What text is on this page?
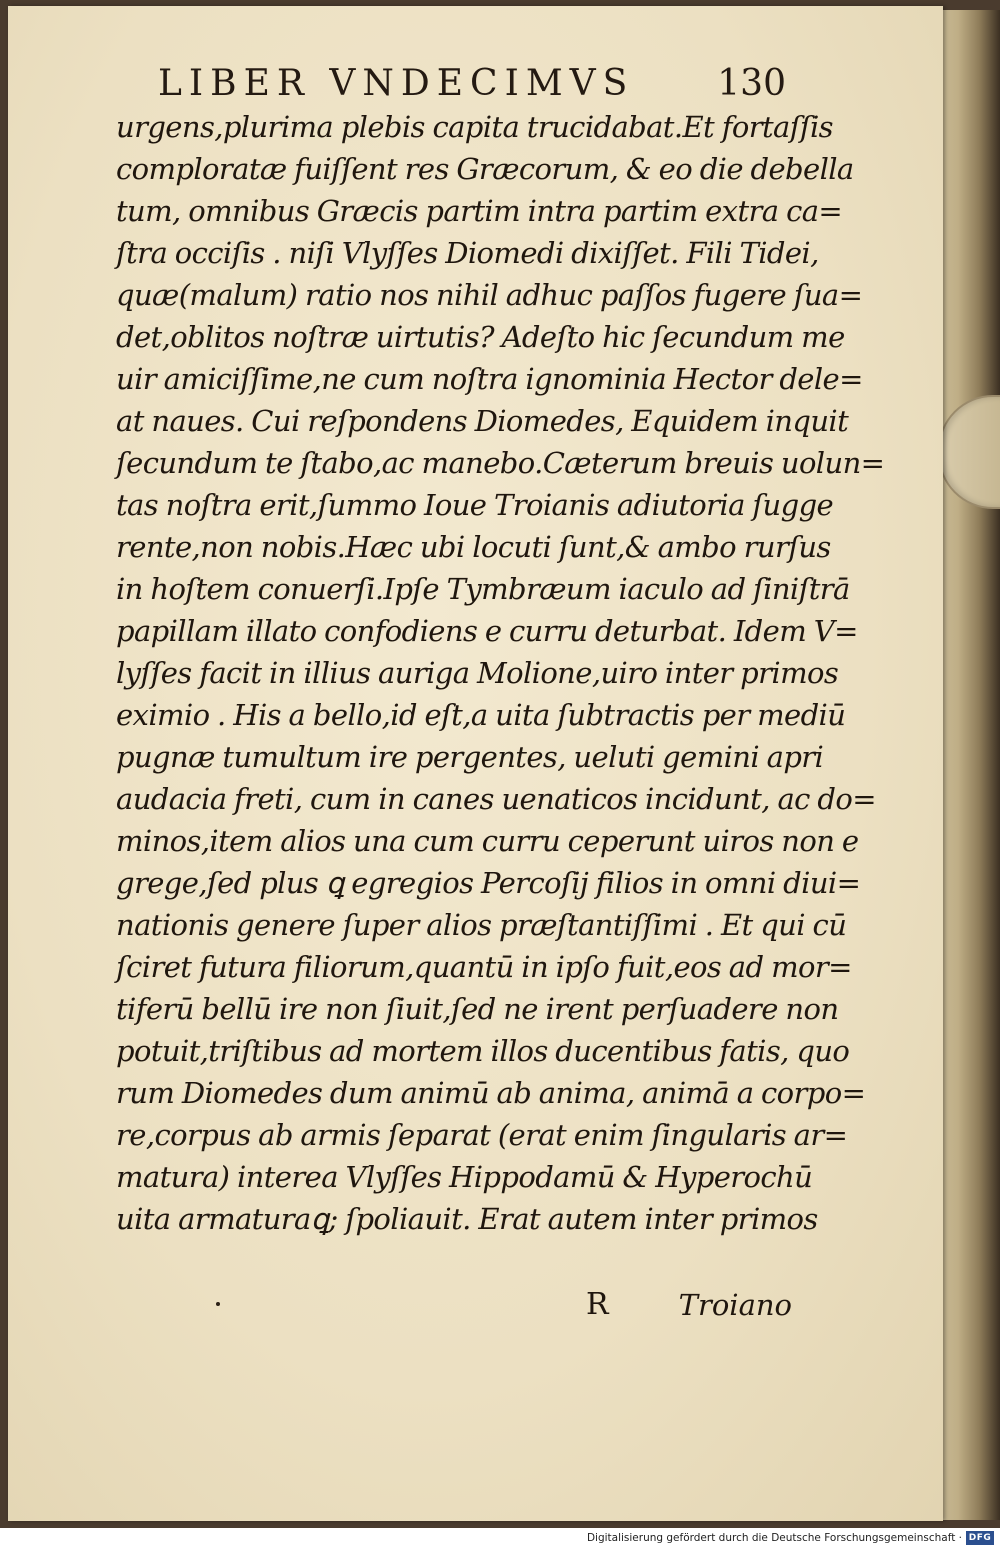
LIBER VNDECIMVS 130
urgens,plurima plebis capita trucidabat.Et fortaſſis
comploratæ fuiſſent res Græcorum, & eo die debella
tum, omnibus Græcis partim intra partim extra ca=
ſtra occiſis . niſi Vlyſſes Diomedi dixiſſet. Fili Tidei,
quæ(malum) ratio nos nihil adhuc paſſos fugere ſua=
det,oblitos noſtræ uirtutis? Adeſto hic ſecundum me
uir amiciſſime,ne cum noſtra ignominia Hector dele=
at naues. Cui reſpondens Diomedes, Equidem inquit
ſecundum te ſtabo,ac manebo.Cæterum breuis uolun=
tas noſtra erit,ſummo Ioue Troianis adiutoria ſugge
rente,non nobis.Hæc ubi locuti ſunt,& ambo rurſus
in hoſtem conuerſi.Ipſe Tymbræum iaculo ad ſiniſtrā
papillam illato confodiens e curru deturbat. Idem V=
lyſſes facit in illius auriga Molione,uiro inter primos
eximio . His a bello,id eſt,a uita ſubtractis per mediū
pugnæ tumultum ire pergentes, ueluti gemini apri
audacia freti, cum in canes uenaticos incidunt, ac do=
minos,item alios una cum curru ceperunt uiros non e
grege,ſed plus ꝗ egregios Percoſij filios in omni diui=
nationis genere ſuper alios præſtantiſſimi . Et qui cū
ſciret futura filiorum,quantū in ipſo fuit,eos ad mor=
tiferū bellū ire non ſiuit,ſed ne irent perſuadere non
potuit,triſtibus ad mortem illos ducentibus fatis, quo
rum Diomedes dum animū ab anima, animā a corpo=
re,corpus ab armis ſeparat (erat enim ſingularis ar=
matura) interea Vlyſſes Hippodamū & Hyperochū
uita armaturaꝗ; ſpoliauit. Erat autem inter primos
R Troiano
Digitalisierung gefördert durch die Deutsche Forschungsgemeinschaft · DFG
